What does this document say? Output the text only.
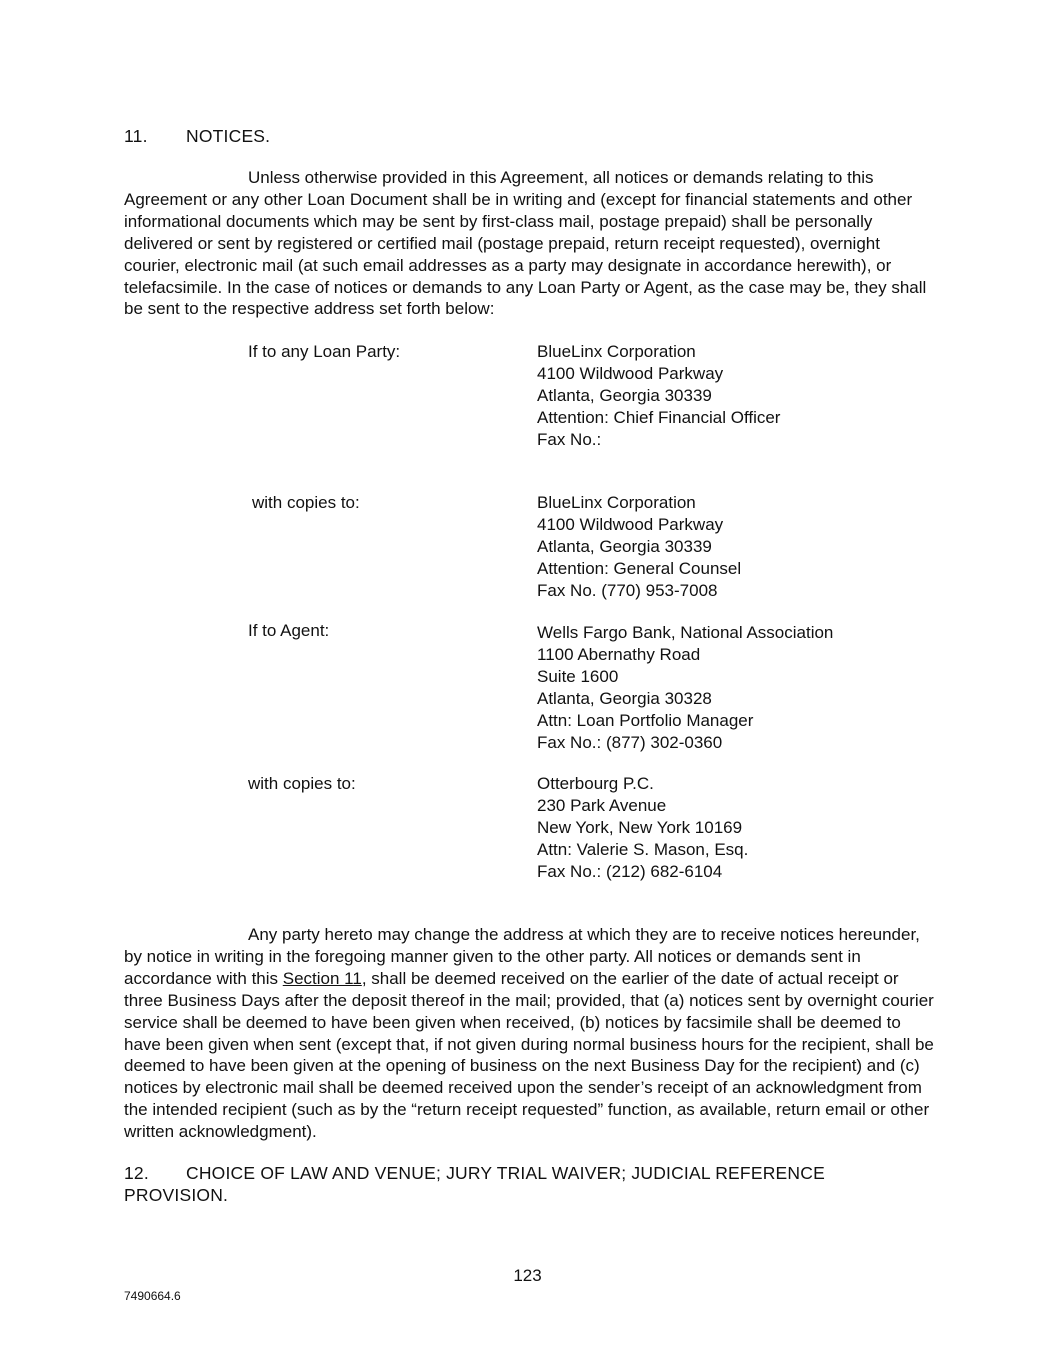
11. NOTICES.

Unless otherwise provided in this Agreement, all notices or demands relating to this Agreement or any other Loan Document shall be in writing and (except for financial statements and other informational documents which may be sent by first-class mail, postage prepaid) shall be personally delivered or sent by registered or certified mail (postage prepaid, return receipt requested), overnight courier, electronic mail (at such email addresses as a party may designate in accordance herewith), or telefacsimile. In the case of notices or demands to any Loan Party or Agent, as the case may be, they shall be sent to the respective address set forth below:

If to any Loan Party:	BlueLinx Corporation
4100 Wildwood Parkway
Atlanta, Georgia 30339
Attention: Chief Financial Officer
Fax No.:
with copies to:	BlueLinx Corporation
4100 Wildwood Parkway
Atlanta, Georgia 30339
Attention: General Counsel
Fax No. (770) 953-7008
If to Agent:	Wells Fargo Bank, National Association
1100 Abernathy Road
Suite 1600
Atlanta, Georgia 30328
Attn: Loan Portfolio Manager
Fax No.: (877) 302-0360
with copies to:	Otterbourg P.C.
230 Park Avenue
New York, New York 10169
Attn: Valerie S. Mason, Esq.
Fax No.: (212) 682-6104

Any party hereto may change the address at which they are to receive notices hereunder, by notice in writing in the foregoing manner given to the other party. All notices or demands sent in accordance with this Section 11, shall be deemed received on the earlier of the date of actual receipt or three Business Days after the deposit thereof in the mail; provided, that (a) notices sent by overnight courier service shall be deemed to have been given when received, (b) notices by facsimile shall be deemed to have been given when sent (except that, if not given during normal business hours for the recipient, shall be deemed to have been given at the opening of business on the next Business Day for the recipient) and (c) notices by electronic mail shall be deemed received upon the sender’s receipt of an acknowledgment from the intended recipient (such as by the “return receipt requested” function, as available, return email or other written acknowledgment).

12. CHOICE OF LAW AND VENUE; JURY TRIAL WAIVER; JUDICIAL REFERENCE
PROVISION.
123
7490664.6
